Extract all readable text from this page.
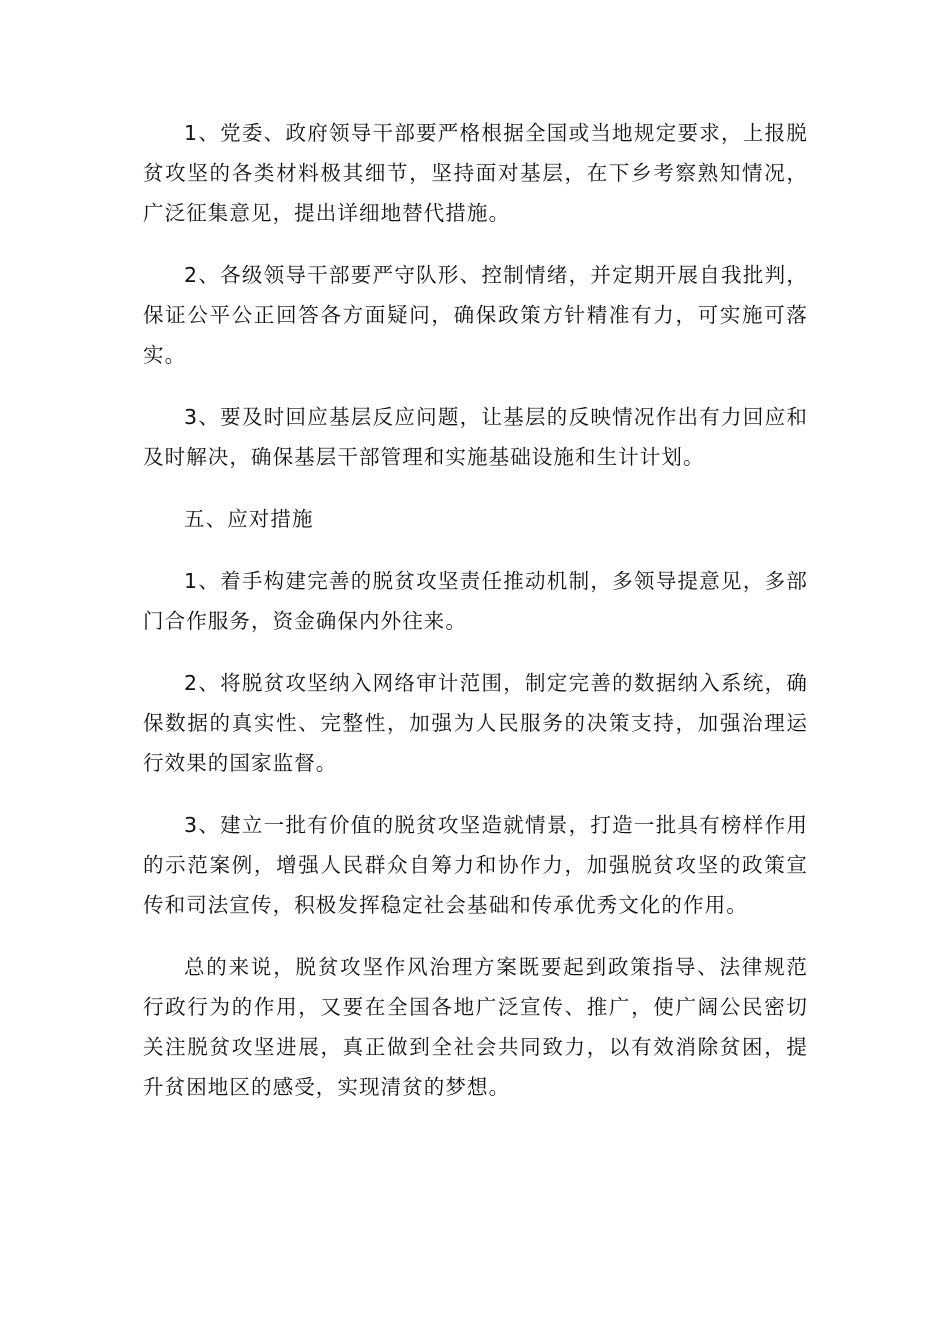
1、党委、政府领导干部要严格根据全国或当地规定要求，上报脱贫攻坚的各类材料极其细节，坚持面对基层，在下乡考察熟知情况，广泛征集意见，提出详细地替代措施。

2、各级领导干部要严守队形、控制情绪，并定期开展自我批判，保证公平公正回答各方面疑问，确保政策方针精准有力，可实施可落实。

3、要及时回应基层反应问题，让基层的反映情况作出有力回应和及时解决，确保基层干部管理和实施基础设施和生计计划。

五、应对措施

1、着手构建完善的脱贫攻坚责任推动机制，多领导提意见，多部门合作服务，资金确保内外往来。

2、将脱贫攻坚纳入网络审计范围，制定完善的数据纳入系统，确保数据的真实性、完整性，加强为人民服务的决策支持，加强治理运行效果的国家监督。

3、建立一批有价值的脱贫攻坚造就情景，打造一批具有榜样作用的示范案例，增强人民群众自筹力和协作力，加强脱贫攻坚的政策宣传和司法宣传，积极发挥稳定社会基础和传承优秀文化的作用。

总的来说，脱贫攻坚作风治理方案既要起到政策指导、法律规范行政行为的作用，又要在全国各地广泛宣传、推广，使广阔公民密切关注脱贫攻坚进展，真正做到全社会共同致力，以有效消除贫困，提升贫困地区的感受，实现清贫的梦想。
